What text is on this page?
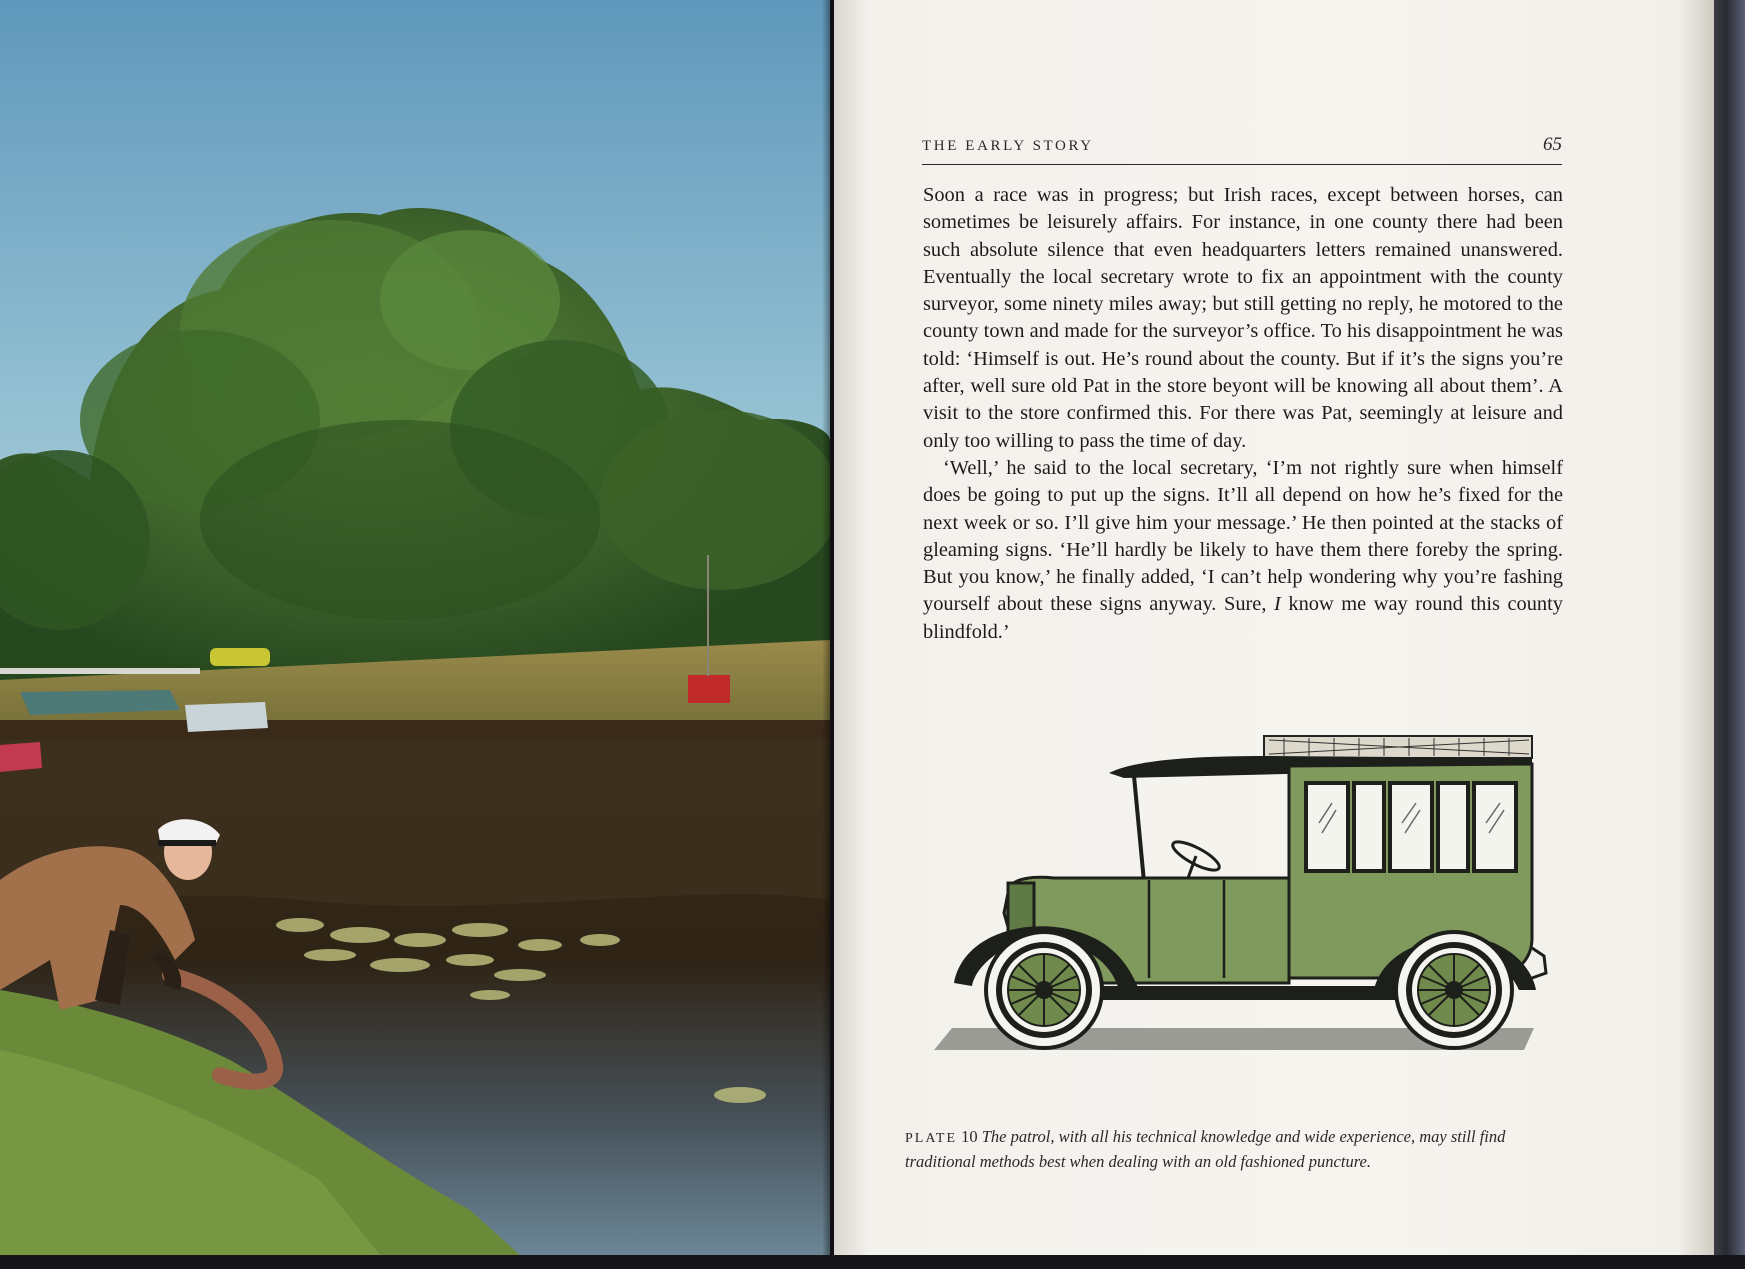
THE EARLY STORY	65

Soon a race was in progress; but Irish races, except between horses, can sometimes be leisurely affairs. For instance, in one county there had been such absolute silence that even headquarters letters remained unanswered. Eventually the local secretary wrote to fix an appointment with the county surveyor, some ninety miles away; but still getting no reply, he motored to the county town and made for the surveyor’s office. To his disappointment he was told: ‘Himself is out. He’s round about the county. But if it’s the signs you’re after, well sure old Pat in the store beyont will be knowing all about them’. A visit to the store confirmed this. For there was Pat, seemingly at leisure and only too willing to pass the time of day.

‘Well,’ he said to the local secretary, ‘I’m not rightly sure when himself does be going to put up the signs. It’ll all depend on how he’s fixed for the next week or so. I’ll give him your message.’ He then pointed at the stacks of gleaming signs. ‘He’ll hardly be likely to have them there foreby the spring. But you know,’ he finally added, ‘I can’t help wondering why you’re fashing yourself about these signs anyway. Sure, I know me way round this county blindfold.’

PLATE 10 The patrol, with all his technical knowledge and wide experience, may still find traditional methods best when dealing with an old fashioned puncture.
